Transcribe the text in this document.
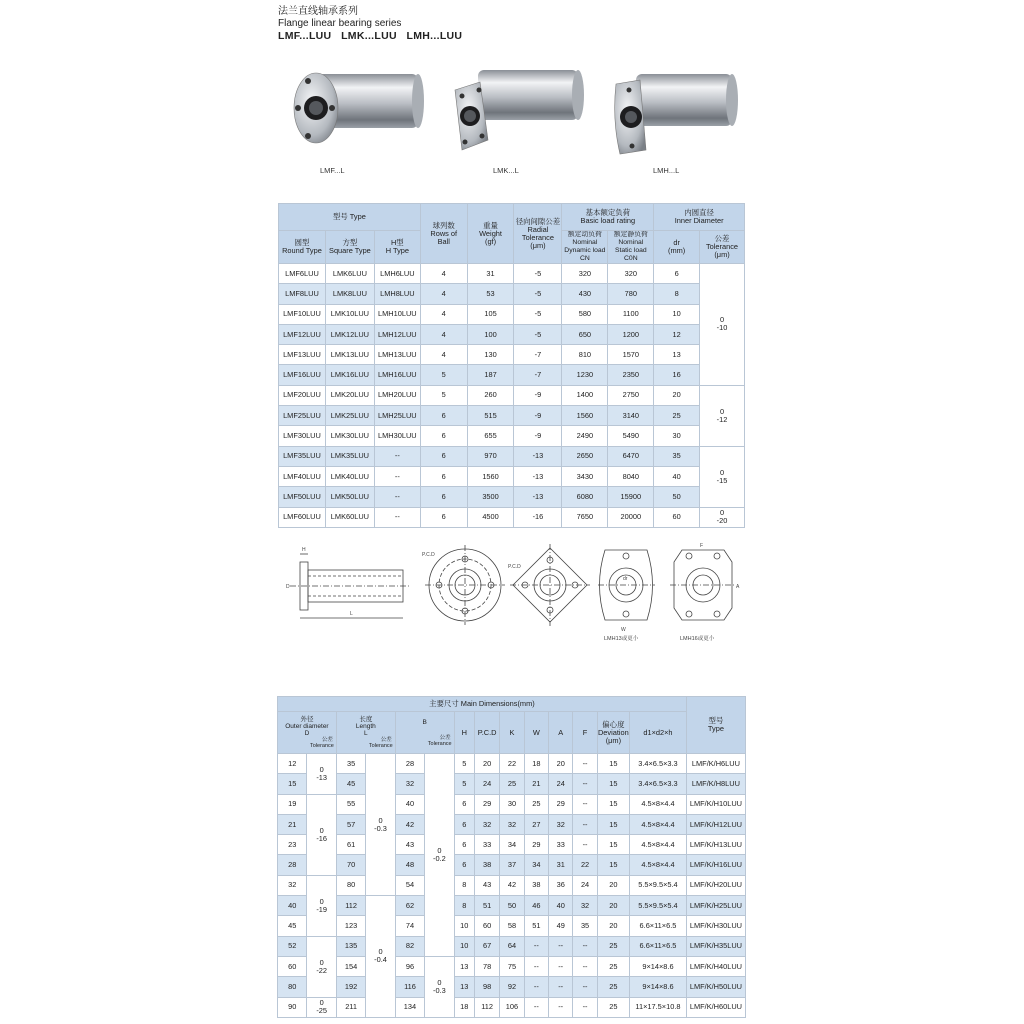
法兰直线轴承系列
Flange linear bearing series
LMF...LUU   LMK...LUU   LMH...LUU
LMF...L	LMK...L	LMH...L
型号 Type			球列数
Rows of
Ball	重量
Weight
(gf)	径向间隙公差
Radial
Tolerance
(μm)	基本额定负荷
Basic load rating		内圆直径
Inner Diameter	

圆型
Round Type	方型
Square Type	H型
H Type				额定动负荷
Nominal
Dynamic load
CN	额定静负荷
Nominal
Static load
C0N	dr
(mm)	公差
Tolerance
(μm)

LMF6LUU	LMK6LUU	LMH6LUU	4	31	-5	320	320	6	0
-10
LMF8LUU	LMK8LUU	LMH8LUU	4	53	-5	430	780	8	
LMF10LUU	LMK10LUU	LMH10LUU	4	105	-5	580	1100	10	
LMF12LUU	LMK12LUU	LMH12LUU	4	100	-5	650	1200	12	
LMF13LUU	LMK13LUU	LMH13LUU	4	130	-7	810	1570	13	
LMF16LUU	LMK16LUU	LMH16LUU	5	187	-7	1230	2350	16	
LMF20LUU	LMK20LUU	LMH20LUU	5	260	-9	1400	2750	20	0
-12
LMF25LUU	LMK25LUU	LMH25LUU	6	515	-9	1560	3140	25	
LMF30LUU	LMK30LUU	LMH30LUU	6	655	-9	2490	5490	30	
LMF35LUU	LMK35LUU	--	6	970	-13	2650	6470	35	0
-15
LMF40LUU	LMK40LUU	--	6	1560	-13	3430	8040	40	
LMF50LUU	LMK50LUU	--	6	3500	-13	6080	15900	50	
LMF60LUU	LMK60LUU	--	6	4500	-16	7650	20000	60	0
-20
H
L
D
P.C.D
P.C.D
W
dr
LMH13或更小
A
F
LMH16或更小
主要尺寸 Main Dimensions(mm)														型号
Type

外径
Outer diameter
D
公差
Tolerance		长度
Length
L
公差
Tolerance		B
公差
Tolerance		H	P.C.D	K	W	A	F	偏心度
Deviation
(μm)	d1×d2×h	
12	0
-13	35	0
-0.3	28	0
-0.2	5	20	22	18	20	--	15	3.4×6.5×3.3	LMF/K/H6LUU
15		45		32		5	24	25	21	24	--	15	3.4×6.5×3.3	LMF/K/H8LUU
19	0
-16	55		40		6	29	30	25	29	--	15	4.5×8×4.4	LMF/K/H10LUU
21		57		42		6	32	32	27	32	--	15	4.5×8×4.4	LMF/K/H12LUU
23		61		43		6	33	34	29	33	--	15	4.5×8×4.4	LMF/K/H13LUU
28		70		48		6	38	37	34	31	22	15	4.5×8×4.4	LMF/K/H16LUU
32	0
-19	80		54		8	43	42	38	36	24	20	5.5×9.5×5.4	LMF/K/H20LUU
40		112	0
-0.4	62		8	51	50	46	40	32	20	5.5×9.5×5.4	LMF/K/H25LUU
45		123		74		10	60	58	51	49	35	20	6.6×11×6.5	LMF/K/H30LUU
52	0
-22	135		82		10	67	64	--	--	--	25	6.6×11×6.5	LMF/K/H35LUU
60		154		96	0
-0.3	13	78	75	--	--	--	25	9×14×8.6	LMF/K/H40LUU
80		192		116		13	98	92	--	--	--	25	9×14×8.6	LMF/K/H50LUU
90	0
-25	211		134		18	112	106	--	--	--	25	11×17.5×10.8	LMF/K/H60LUU
